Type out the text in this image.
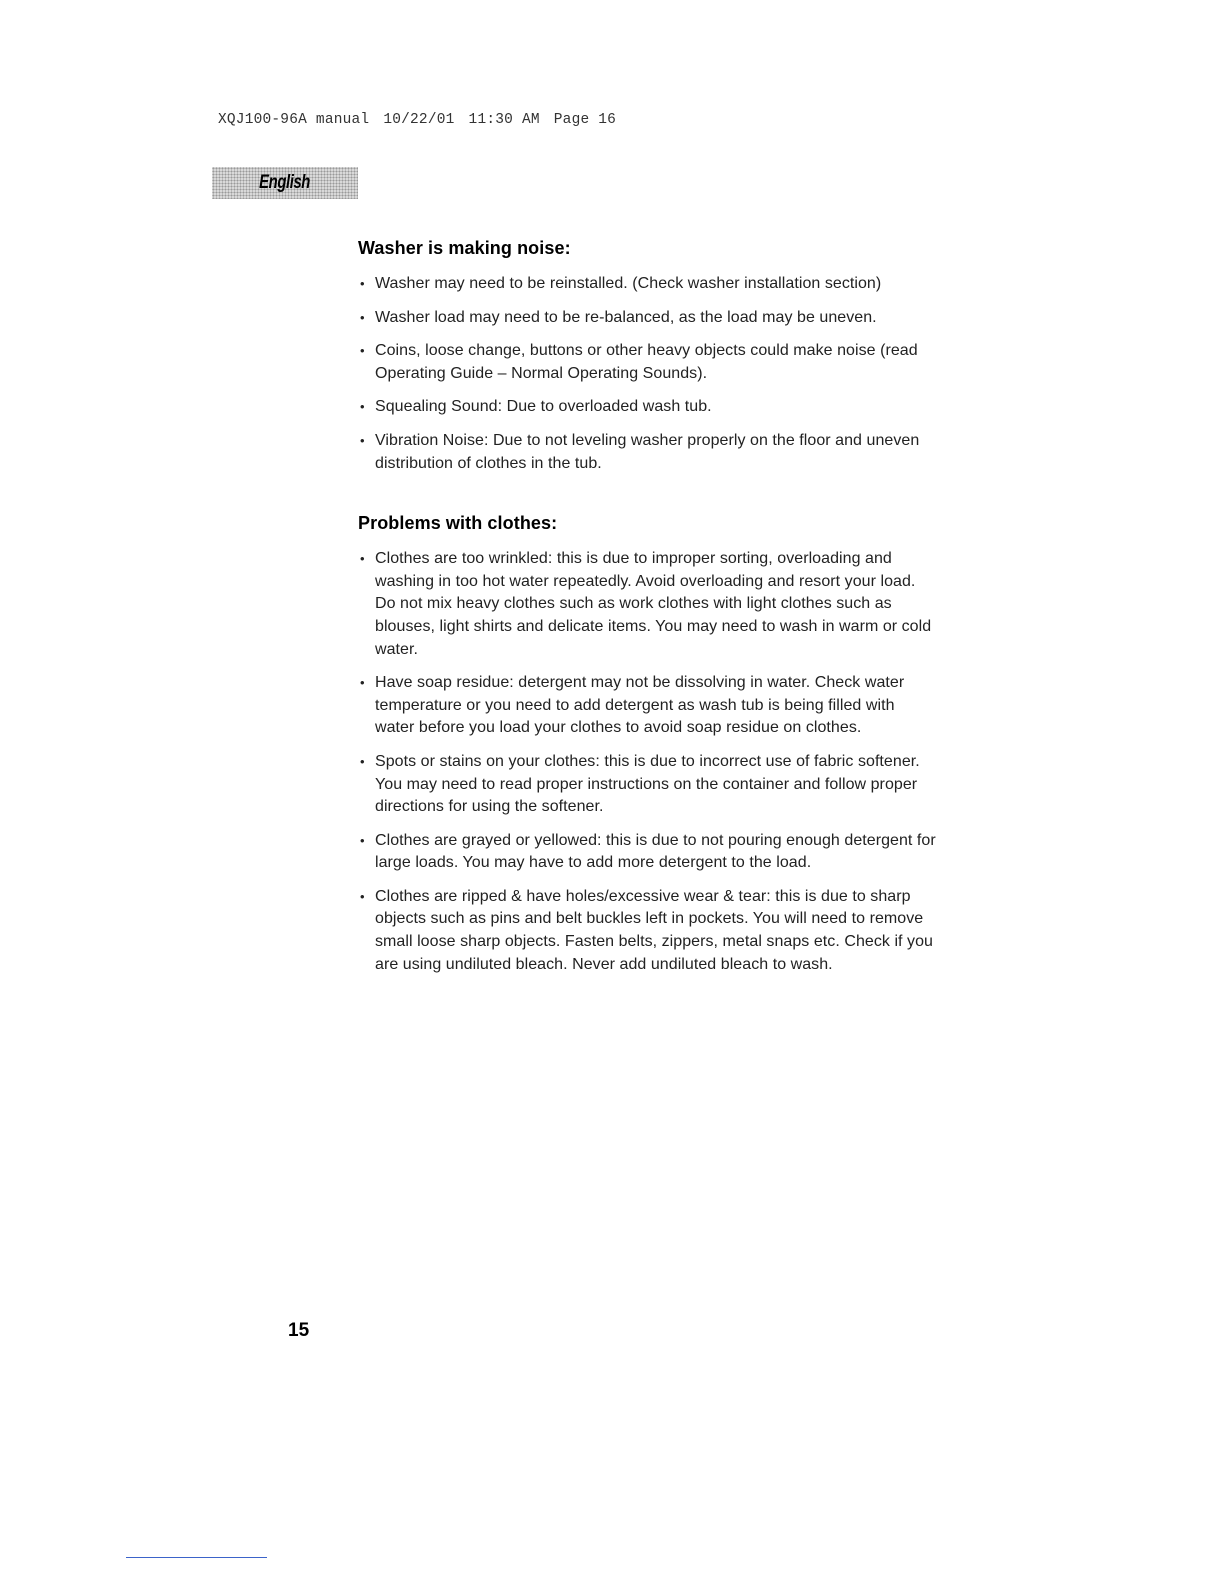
XQJ100-96A manual 10/22/01 11:30 AM Page 16
English
Washer is making noise:
• Washer may need to be reinstalled. (Check washer installation section)
• Washer load may need to be re-balanced, as the load may be uneven.
• Coins, loose change, buttons or other heavy objects could make noise (read Operating Guide – Normal Operating Sounds).
• Squealing Sound: Due to overloaded wash tub.
• Vibration Noise: Due to not leveling washer properly on the floor and uneven distribution of clothes in the tub.
Problems with clothes:
• Clothes are too wrinkled: this is due to improper sorting, overloading and washing in too hot water repeatedly. Avoid overloading and resort your load. Do not mix heavy clothes such as work clothes with light clothes such as blouses, light shirts and delicate items. You may need to wash in warm or cold water.
• Have soap residue: detergent may not be dissolving in water. Check water temperature or you need to add detergent as wash tub is being filled with water before you load your clothes to avoid soap residue on clothes.
• Spots or stains on your clothes: this is due to incorrect use of fabric softener. You may need to read proper instructions on the container and follow proper directions for using the softener.
• Clothes are grayed or yellowed: this is due to not pouring enough detergent for large loads. You may have to add more detergent to the load.
• Clothes are ripped & have holes/excessive wear & tear: this is due to sharp objects such as pins and belt buckles left in pockets. You will need to remove small loose sharp objects. Fasten belts, zippers, metal snaps etc. Check if you are using undiluted bleach. Never add undiluted bleach to wash.
15
